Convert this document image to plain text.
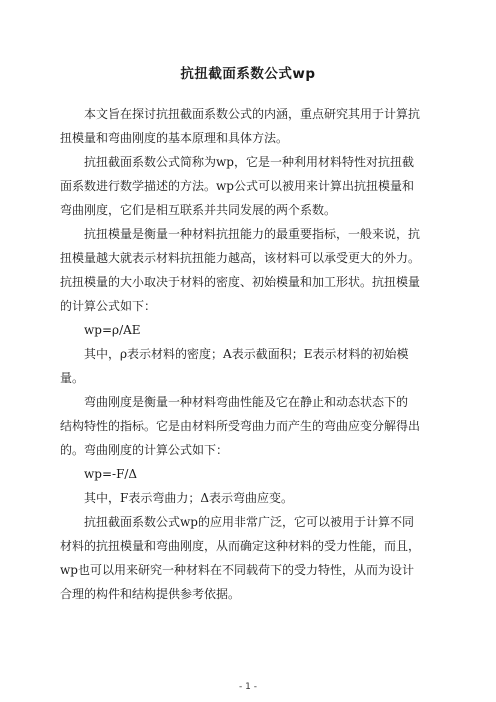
抗扭截面系数公式wp

本文旨在探讨抗扭截面系数公式的内涵，重点研究其用于计算抗
扭模量和弯曲刚度的基本原理和具体方法。

抗扭截面系数公式简称为wp，它是一种利用材料特性对抗扭截
面系数进行数学描述的方法。wp公式可以被用来计算出抗扭模量和
弯曲刚度，它们是相互联系并共同发展的两个系数。

抗扭模量是衡量一种材料抗扭能力的最重要指标，一般来说，抗
扭模量越大就表示材料抗扭能力越高，该材料可以承受更大的外力。
抗扭模量的大小取决于材料的密度、初始模量和加工形状。抗扭模量
的计算公式如下：

wp=ρ/AE

其中，ρ表示材料的密度；A表示截面积；E表示材料的初始模
量。

弯曲刚度是衡量一种材料弯曲性能及它在静止和动态状态下的
结构特性的指标。它是由材料所受弯曲力而产生的弯曲应变分解得出
的。弯曲刚度的计算公式如下：

wp=-F/Δ

其中，F表示弯曲力；Δ表示弯曲应变。

抗扭截面系数公式wp的应用非常广泛，它可以被用于计算不同
材料的抗扭模量和弯曲刚度，从而确定这种材料的受力性能，而且，
wp也可以用来研究一种材料在不同载荷下的受力特性，从而为设计
合理的构件和结构提供参考依据。

- 1 -
